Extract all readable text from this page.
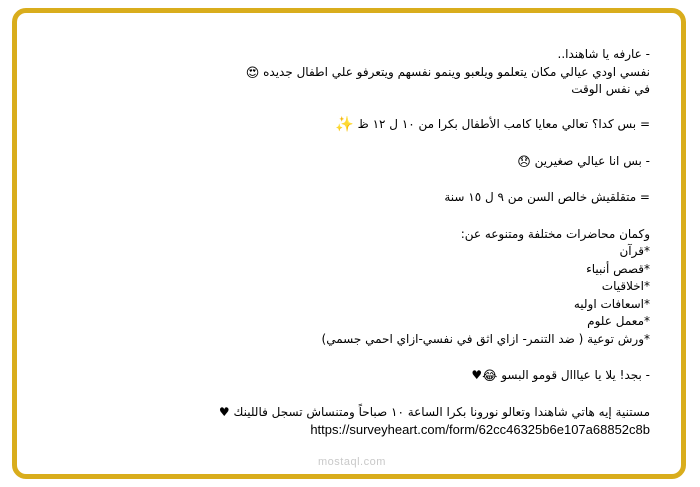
- عارفه يا شاهندا..
نفسي اودي عيالي مكان يتعلمو ويلعبو وينمو نفسهم ويتعرفو علي اطفال جديده 😍
في نفس الوقت
= بس كدا؟ تعالي معايا كامب الأطفال بكرا من ١٠ ل ١٢ ظ ✨
- بس انا عيالي صغيرين 😞
= متقلقيش خالص السن من ٩ ل ١٥ سنة
وكمان محاضرات مختلفة ومتنوعه عن:
*قرآن
*قصص أنبياء
*اخلاقيات
*اسعافات اوليه
*معمل علوم
*ورش توعية ( ضد التنمر- ازاي اثق في نفسي-ازاي احمي جسمي)
- بجد! يلا يا عيااال قومو البسو 😂♥
مستنية إيه هاتي شاهندا وتعالو نورونا بكرا الساعة ١٠ صباحاً ومتنساش تسجل فاللينك ♥
https://surveyheart.com/form/62cc46325b6e107a68852c8b
mostaql.com
